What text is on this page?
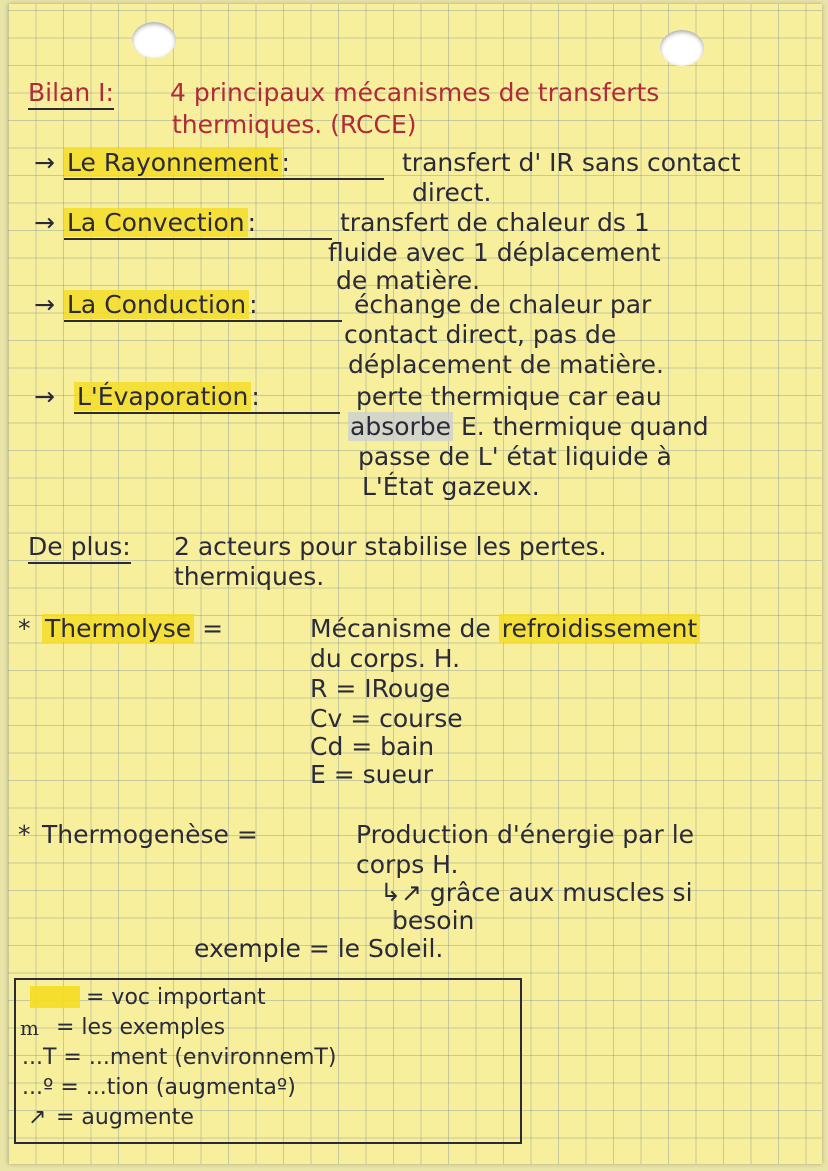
Bilan I: 4 principaux mécanismes de transferts
thermiques. (RCCE)
→ Le Rayonnement :	transfert d' IR sans contact
direct.
→ La Convection :	transfert de chaleur ds 1
fluide avec 1 déplacement
de matière.
→ La Conduction :	échange de chaleur par
contact direct, pas de
déplacement de matière.
→ L'Évaporation :	perte thermique car eau
absorbe E. thermique quand
passe de L' état liquide à
L'État gazeux.
De plus: 2 acteurs pour stabilise les pertes.
thermiques.
* Thermolyse =	Mécanisme de refroidissement
du corps. H.
R = IRouge
Cv = course
Cd = bain
E = sueur
* Thermogenèse =	Production d'énergie par le
corps H.
↳↗ grâce aux muscles si
besoin
exemple = le Soleil.
= voc important
m = les exemples
...T = ...ment (environnemT)
...º = ...tion (augmentaº)
↗ = augmente
